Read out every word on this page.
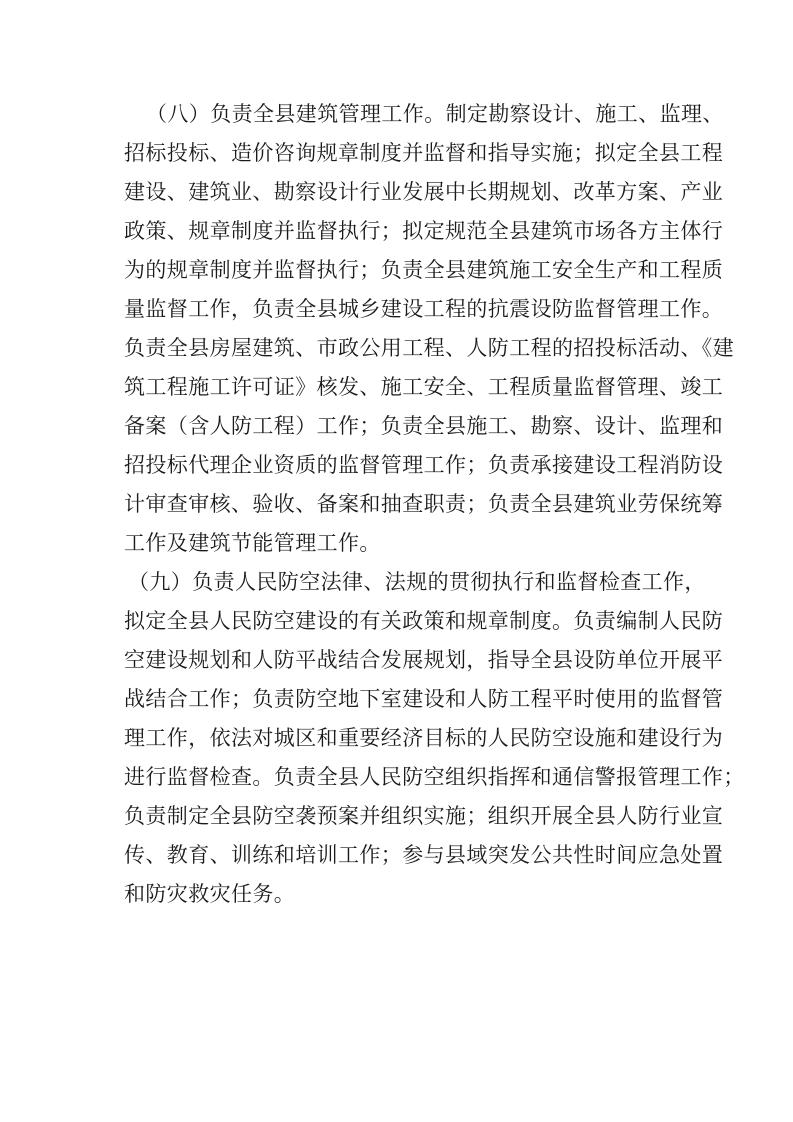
（八）负责全县建筑管理工作。制定勘察设计、施工、监理、
招标投标、造价咨询规章制度并监督和指导实施；拟定全县工程
建设、建筑业、勘察设计行业发展中长期规划、改革方案、产业
政策、规章制度并监督执行；拟定规范全县建筑市场各方主体行
为的规章制度并监督执行；负责全县建筑施工安全生产和工程质
量监督工作，负责全县城乡建设工程的抗震设防监督管理工作。
负责全县房屋建筑、市政公用工程、人防工程的招投标活动、《建
筑工程施工许可证》核发、施工安全、工程质量监督管理、竣工
备案（含人防工程）工作；负责全县施工、勘察、设计、监理和
招投标代理企业资质的监督管理工作；负责承接建设工程消防设
计审查审核、验收、备案和抽查职责；负责全县建筑业劳保统筹
工作及建筑节能管理工作。
（九）负责人民防空法律、法规的贯彻执行和监督检查工作，
拟定全县人民防空建设的有关政策和规章制度。负责编制人民防
空建设规划和人防平战结合发展规划，指导全县设防单位开展平
战结合工作；负责防空地下室建设和人防工程平时使用的监督管
理工作，依法对城区和重要经济目标的人民防空设施和建设行为
进行监督检查。负责全县人民防空组织指挥和通信警报管理工作；
负责制定全县防空袭预案并组织实施；组织开展全县人防行业宣
传、教育、训练和培训工作；参与县域突发公共性时间应急处置
和防灾救灾任务。
